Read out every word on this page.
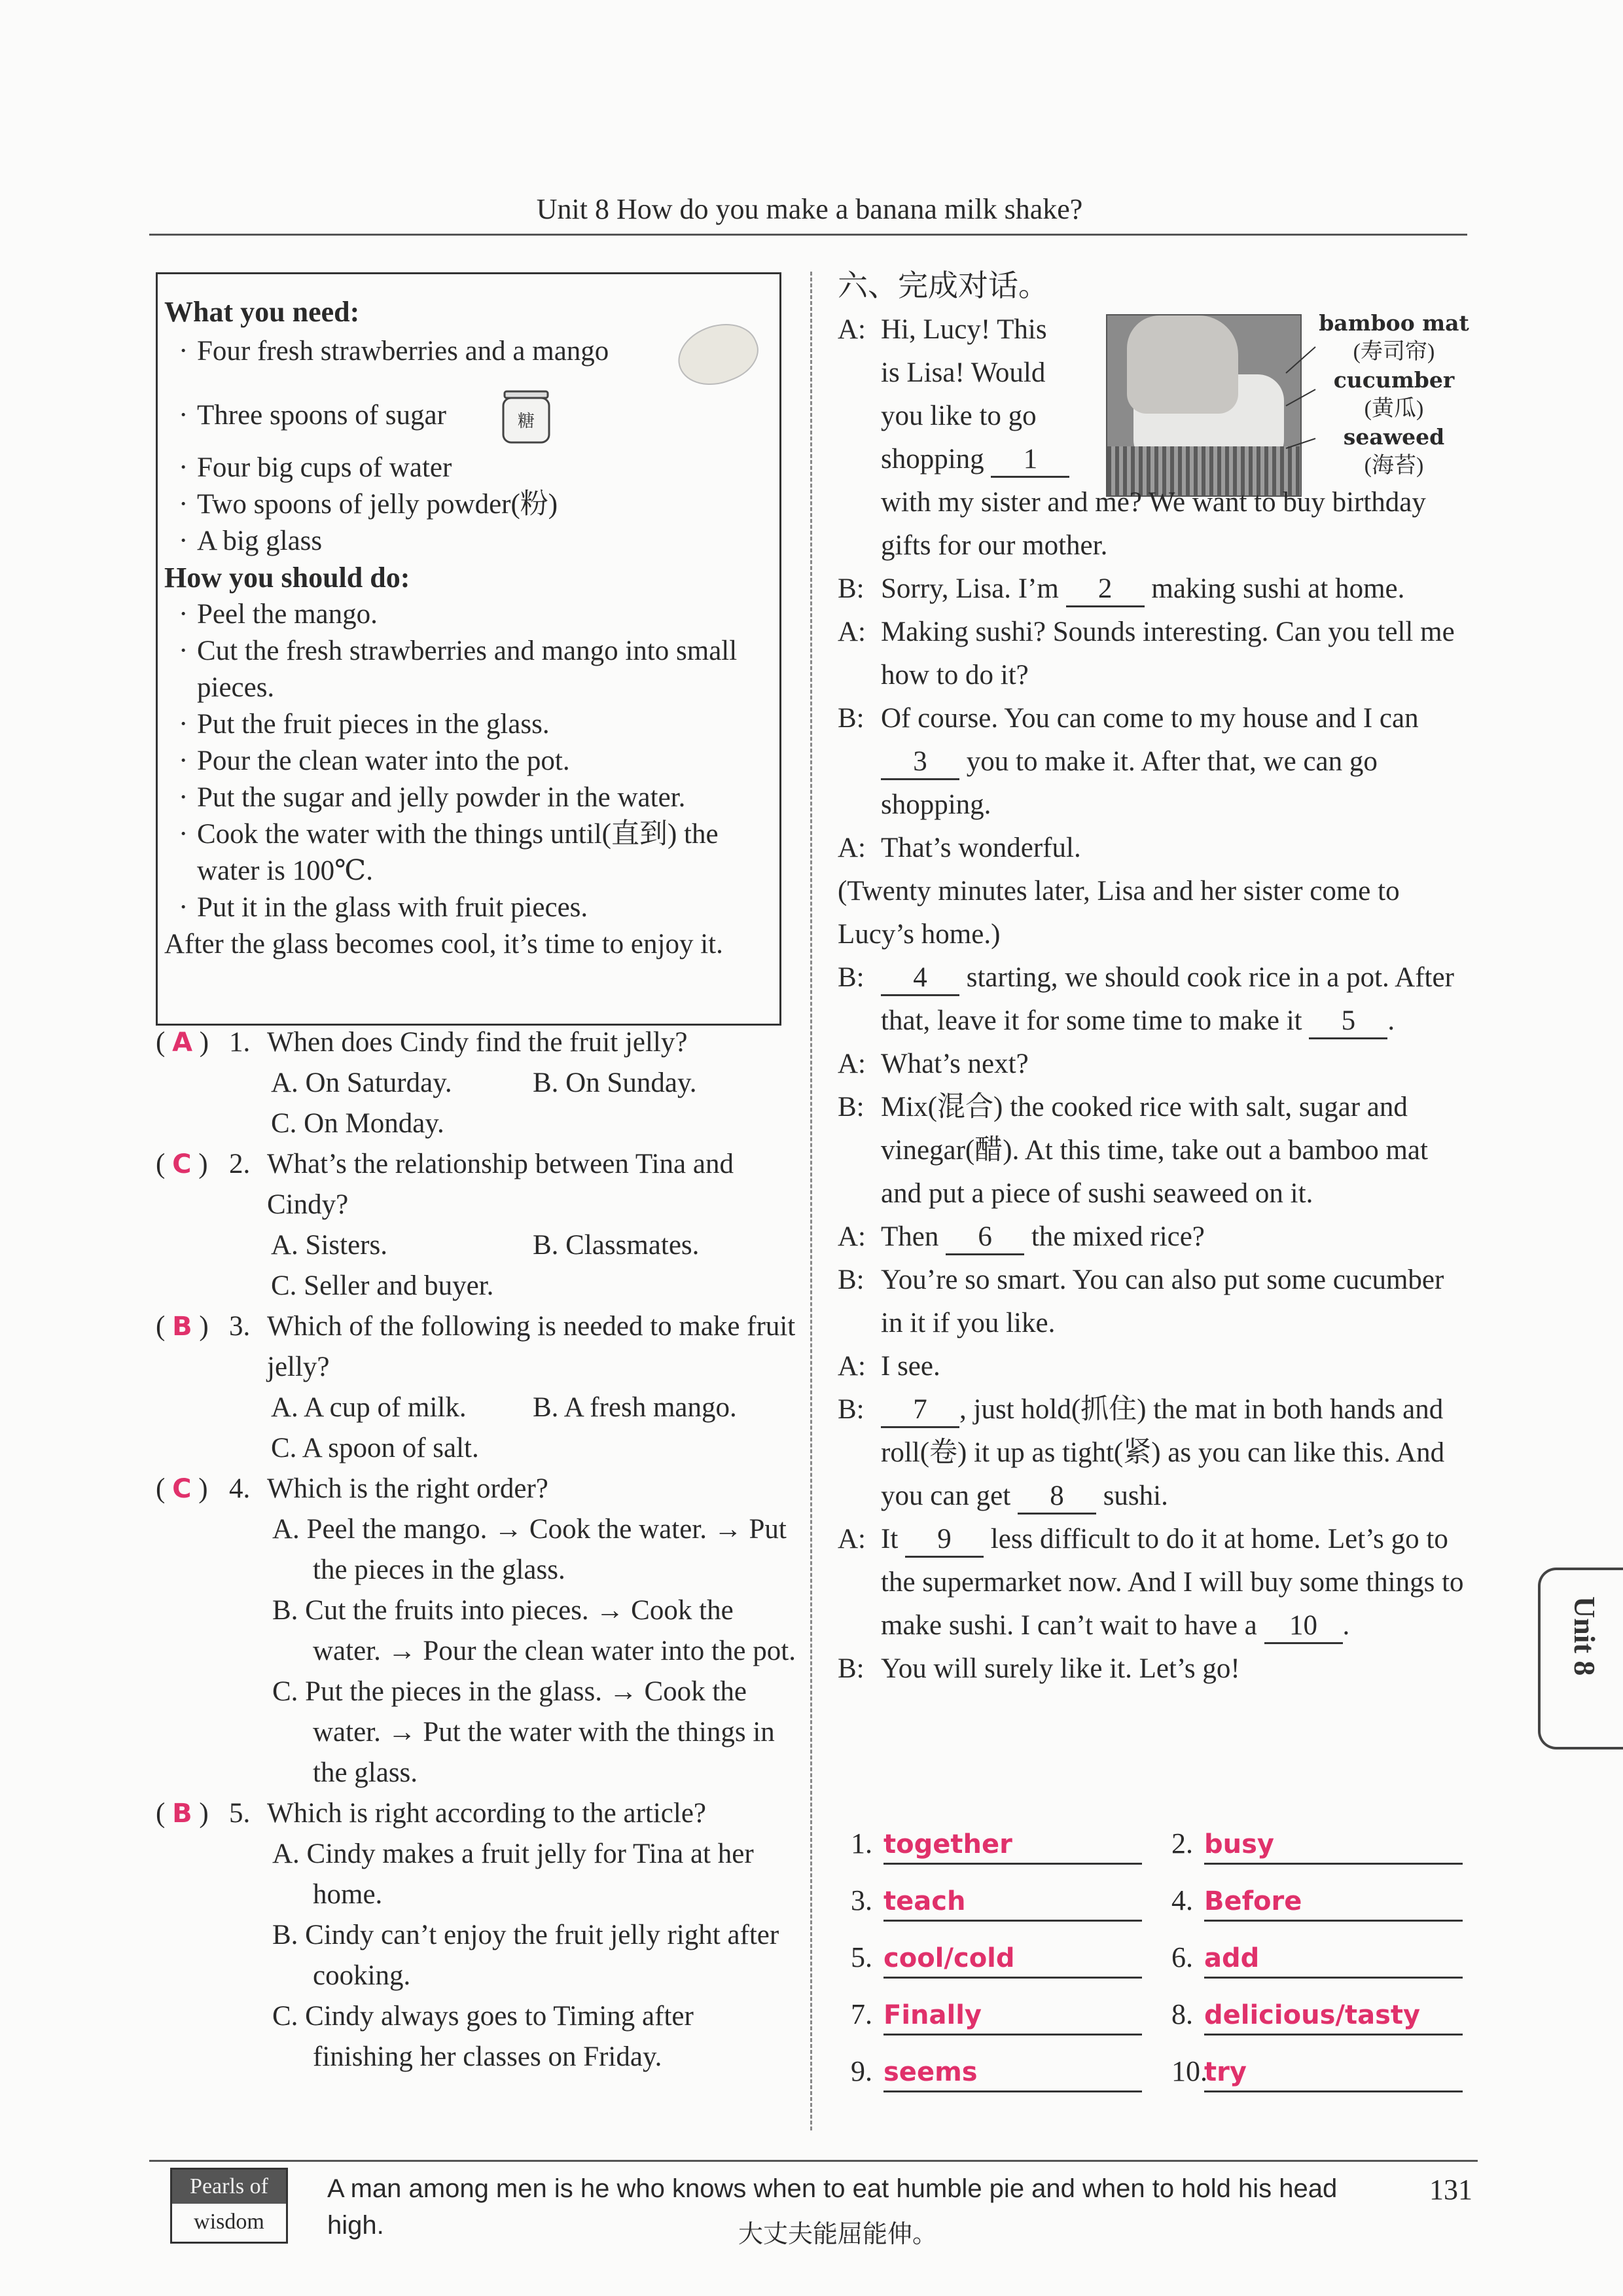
Unit 8 How do you make a banana milk shake?
What you need:
· Four fresh strawberries and a mango
· Three spoons of sugar
· Four big cups of water
· Two spoons of jelly powder(粉)
· A big glass
How you should do:
· Peel the mango.
· Cut the fresh strawberries and mango into small pieces.
· Put the fruit pieces in the glass.
· Pour the clean water into the pot.
· Put the sugar and jelly powder in the water.
· Cook the water with the things until(直到) the water is 100℃.
· Put it in the glass with fruit pieces.
After the glass becomes cool, it’s time to enjoy it.
糖
( A ) 1. When does Cindy find the fruit jelly?
A. On Saturday.	B. On Sunday.
C. On Monday.
( C ) 2. What’s the relationship between Tina and Cindy?
A. Sisters.	B. Classmates.
C. Seller and buyer.
( B ) 3. Which of the following is needed to make fruit jelly?
A. A cup of milk. B. A fresh mango.
C. A spoon of salt.
( C ) 4. Which is the right order?
A. Peel the mango. → Cook the water. → Put the pieces in the glass.
B. Cut the fruits into pieces. → Cook the water. → Pour the clean water into the pot.
C. Put the pieces in the glass. → Cook the water. → Put the water with the things in the glass.
( B ) 5. Which is right according to the article?
A. Cindy makes a fruit jelly for Tina at her home.
B. Cindy can’t enjoy the fruit jelly right after cooking.
C. Cindy always goes to Timing after finishing her classes on Friday.
bamboo mat
(寿司帘)
cucumber
(黄瓜)
seaweed
(海苔)
六、完成对话。
A: Hi, Lucy! This
is Lisa! Would
you like to go
shopping 1
with my sister and me? We want to buy birthday gifts for our mother.
B: Sorry, Lisa. I’m 2 making sushi at home.
A: Making sushi? Sounds interesting. Can you tell me how to do it?
B: Of course. You can come to my house and I can 3 you to make it. After that, we can go shopping.
A: That’s wonderful.
(Twenty minutes later, Lisa and her sister come to Lucy’s home.)
B: 4 starting, we should cook rice in a pot. After that, leave it for some time to make it 5 .
A: What’s next?
B: Mix(混合) the cooked rice with salt, sugar and vinegar(醋). At this time, take out a bamboo mat and put a piece of sushi seaweed on it.
A: Then 6 the mixed rice?
B: You’re so smart. You can also put some cucumber in it if you like.
A: I see.
B: 7 , just hold(抓住) the mat in both hands and roll(卷) it up as tight(紧) as you can like this. And you can get 8 sushi.
A: It 9 less difficult to do it at home. Let’s go to the supermarket now. And I will buy some things to make sushi. I can’t wait to have a 10 .
B: You will surely like it. Let’s go!
1. together	2. busy
3. teach	4. Before
5. cool/cold	6. add
7. Finally	8. delicious/tasty
9. seems	10.try
Unit 8
Pearls of
wisdom
A man among men is he who knows when to eat humble pie and when to hold his head high.	大丈夫能屈能伸。
131
